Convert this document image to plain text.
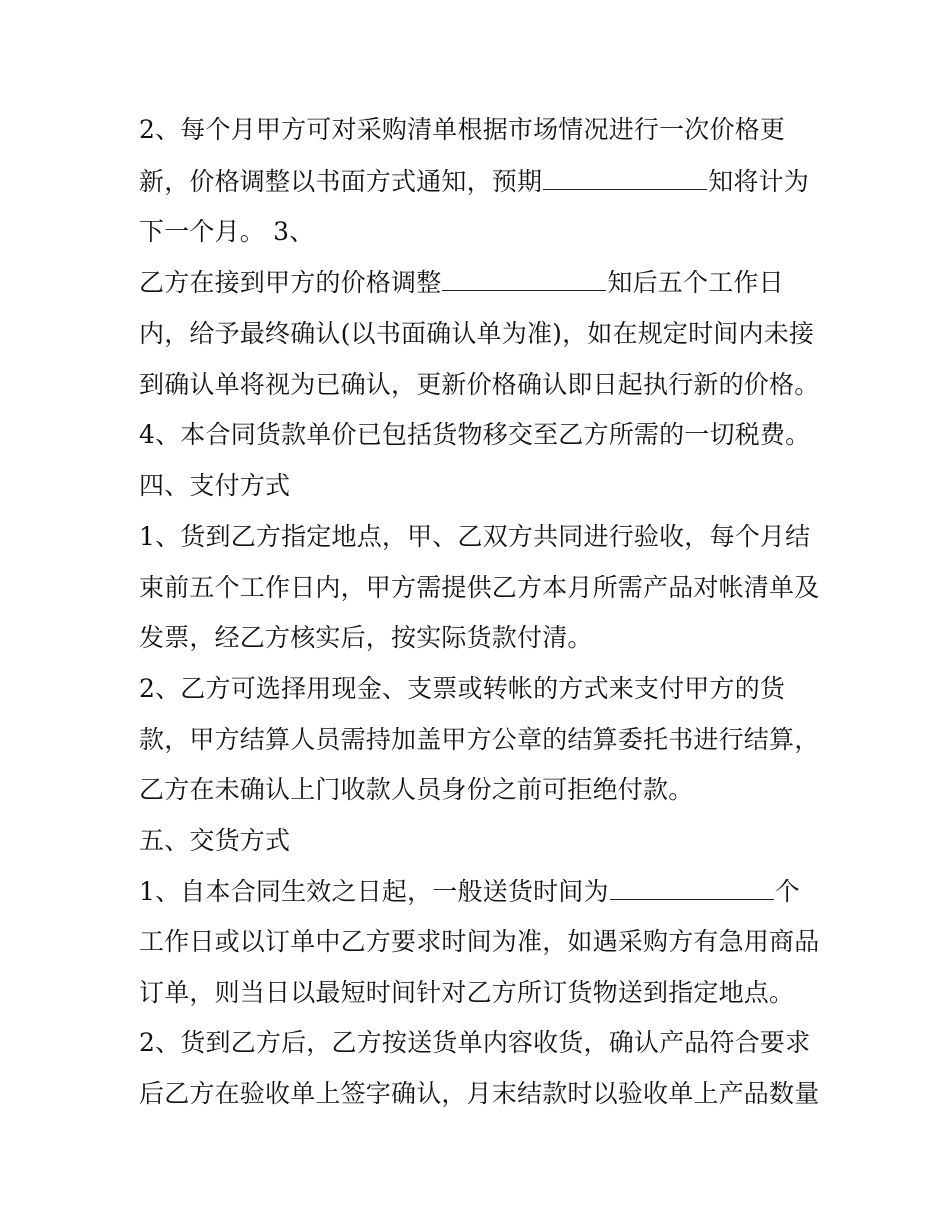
2、每个月甲方可对采购清单根据市场情况进行一次价格更
新，价格调整以书面方式通知，预期	知将计为
下一个月。 3、
乙方在接到甲方的价格调整	知后五个工作日
内，给予最终确认(以书面确认单为准)，如在规定时间内未接
到确认单将视为已确认，更新价格确认即日起执行新的价格。
4、本合同货款单价已包括货物移交至乙方所需的一切税费。
四、支付方式
1、货到乙方指定地点，甲、乙双方共同进行验收，每个月结
束前五个工作日内，甲方需提供乙方本月所需产品对帐清单及
发票，经乙方核实后，按实际货款付清。
2、乙方可选择用现金、支票或转帐的方式来支付甲方的货
款，甲方结算人员需持加盖甲方公章的结算委托书进行结算，
乙方在未确认上门收款人员身份之前可拒绝付款。
五、交货方式
1、自本合同生效之日起，一般送货时间为	个
工作日或以订单中乙方要求时间为准，如遇采购方有急用商品
订单，则当日以最短时间针对乙方所订货物送到指定地点。
2、货到乙方后，乙方按送货单内容收货，确认产品符合要求
后乙方在验收单上签字确认，月末结款时以验收单上产品数量
